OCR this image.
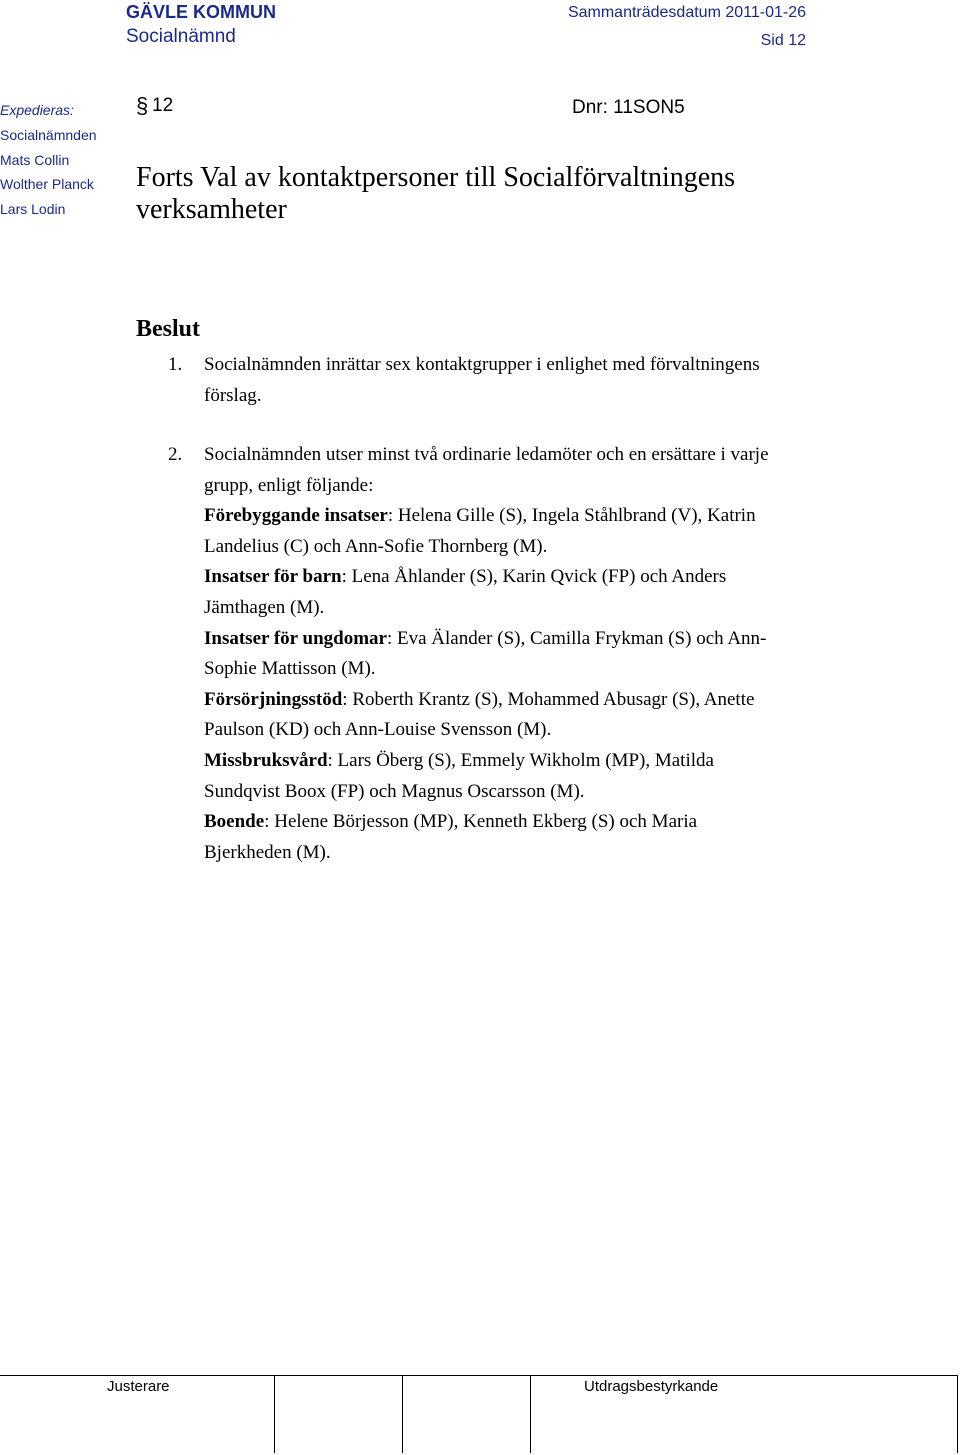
GÄVLE KOMMUN
Socialnämnd
Sammanträdesdatum 2011-01-26
Sid 12
Expedieras:
Socialnämnden
Mats Collin
Wolther Planck
Lars Lodin
§ 12	Dnr: 11SON5
Forts Val av kontaktpersoner till Socialförvaltningens verksamheter
Beslut
1. Socialnämnden inrättar sex kontaktgrupper i enlighet med förvaltningens förslag.
2. Socialnämnden utser minst två ordinarie ledamöter och en ersättare i varje grupp, enligt följande:
Förebyggande insatser: Helena Gille (S), Ingela Ståhlbrand (V), Katrin Landelius (C) och Ann-Sofie Thornberg (M).
Insatser för barn: Lena Åhlander (S), Karin Qvick (FP) och Anders Jämthagen (M).
Insatser för ungdomar: Eva Älander (S), Camilla Frykman (S) och Ann-Sophie Mattisson (M).
Försörjningsstöd: Roberth Krantz (S), Mohammed Abusagr (S), Anette Paulson (KD) och Ann-Louise Svensson (M).
Missbruksvård: Lars Öberg (S), Emmely Wikholm (MP), Matilda Sundqvist Boox (FP) och Magnus Oscarsson (M).
Boende: Helene Börjesson (MP), Kenneth Ekberg (S) och Maria Bjerkheden (M).
Justerare	Utdragsbestyrkande
